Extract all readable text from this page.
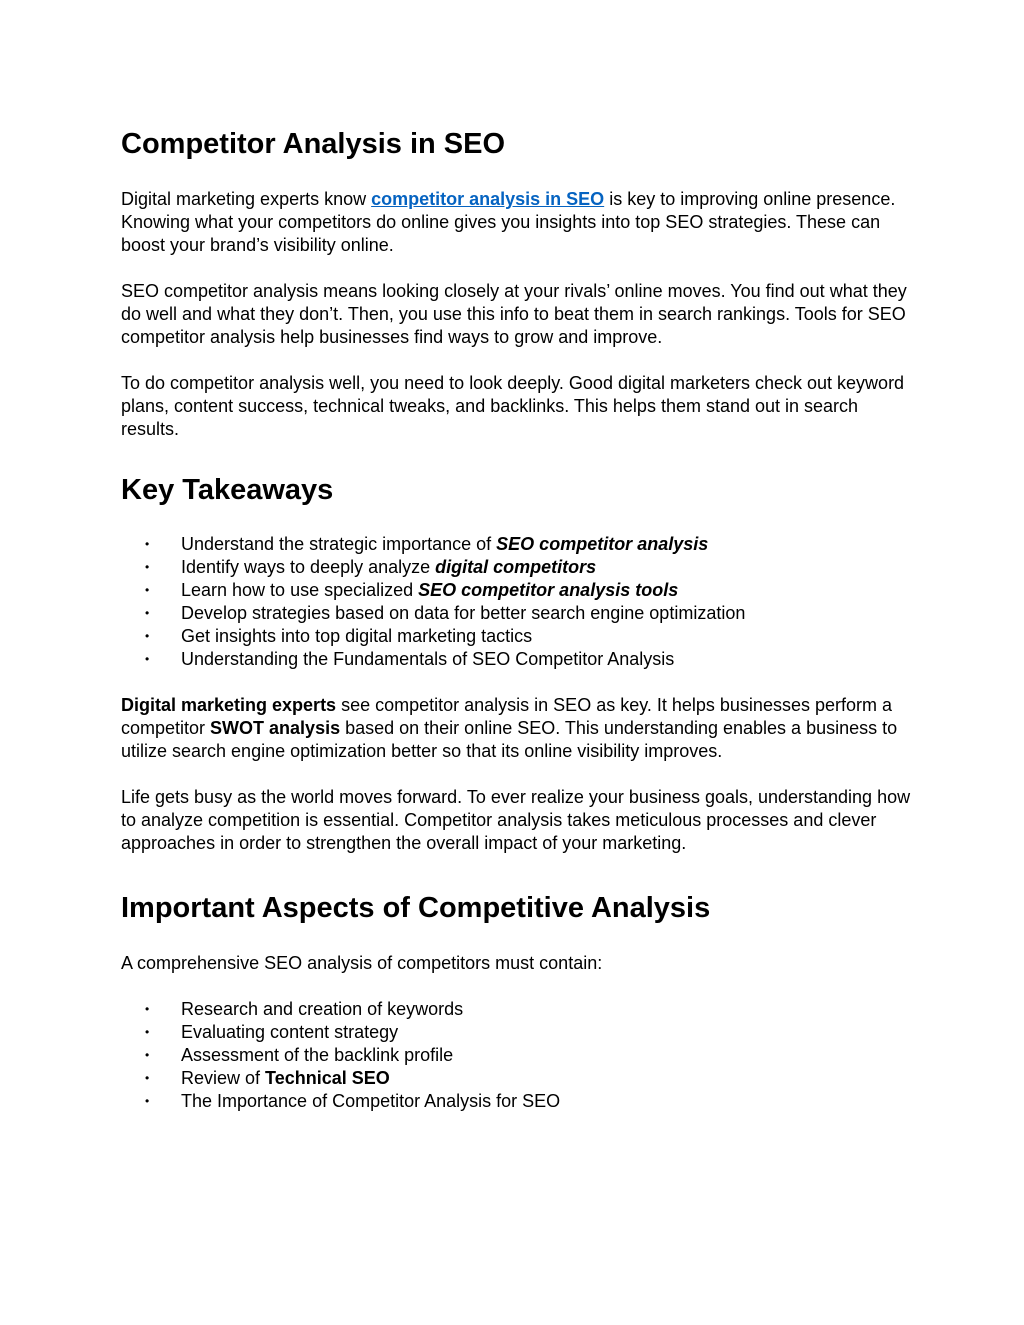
Competitor Analysis in SEO

Digital marketing experts know competitor analysis in SEO is key to improving online presence. Knowing what your competitors do online gives you insights into top SEO strategies. These can boost your brand’s visibility online.

SEO competitor analysis means looking closely at your rivals’ online moves. You find out what they do well and what they don’t. Then, you use this info to beat them in search rankings. Tools for SEO competitor analysis help businesses find ways to grow and improve.

To do competitor analysis well, you need to look deeply. Good digital marketers check out keyword plans, content success, technical tweaks, and backlinks. This helps them stand out in search results.

Key Takeaways
• Understand the strategic importance of SEO competitor analysis
• Identify ways to deeply analyze digital competitors
• Learn how to use specialized SEO competitor analysis tools
• Develop strategies based on data for better search engine optimization
• Get insights into top digital marketing tactics
• Understanding the Fundamentals of SEO Competitor Analysis

Digital marketing experts see competitor analysis in SEO as key. It helps businesses perform a competitor SWOT analysis based on their online SEO. This understanding enables a business to utilize search engine optimization better so that its online visibility improves.

Life gets busy as the world moves forward. To ever realize your business goals, understanding how to analyze competition is essential. Competitor analysis takes meticulous processes and clever approaches in order to strengthen the overall impact of your marketing.

Important Aspects of Competitive Analysis

A comprehensive SEO analysis of competitors must contain:

• Research and creation of keywords
• Evaluating content strategy
• Assessment of the backlink profile
• Review of Technical SEO
• The Importance of Competitor Analysis for SEO
